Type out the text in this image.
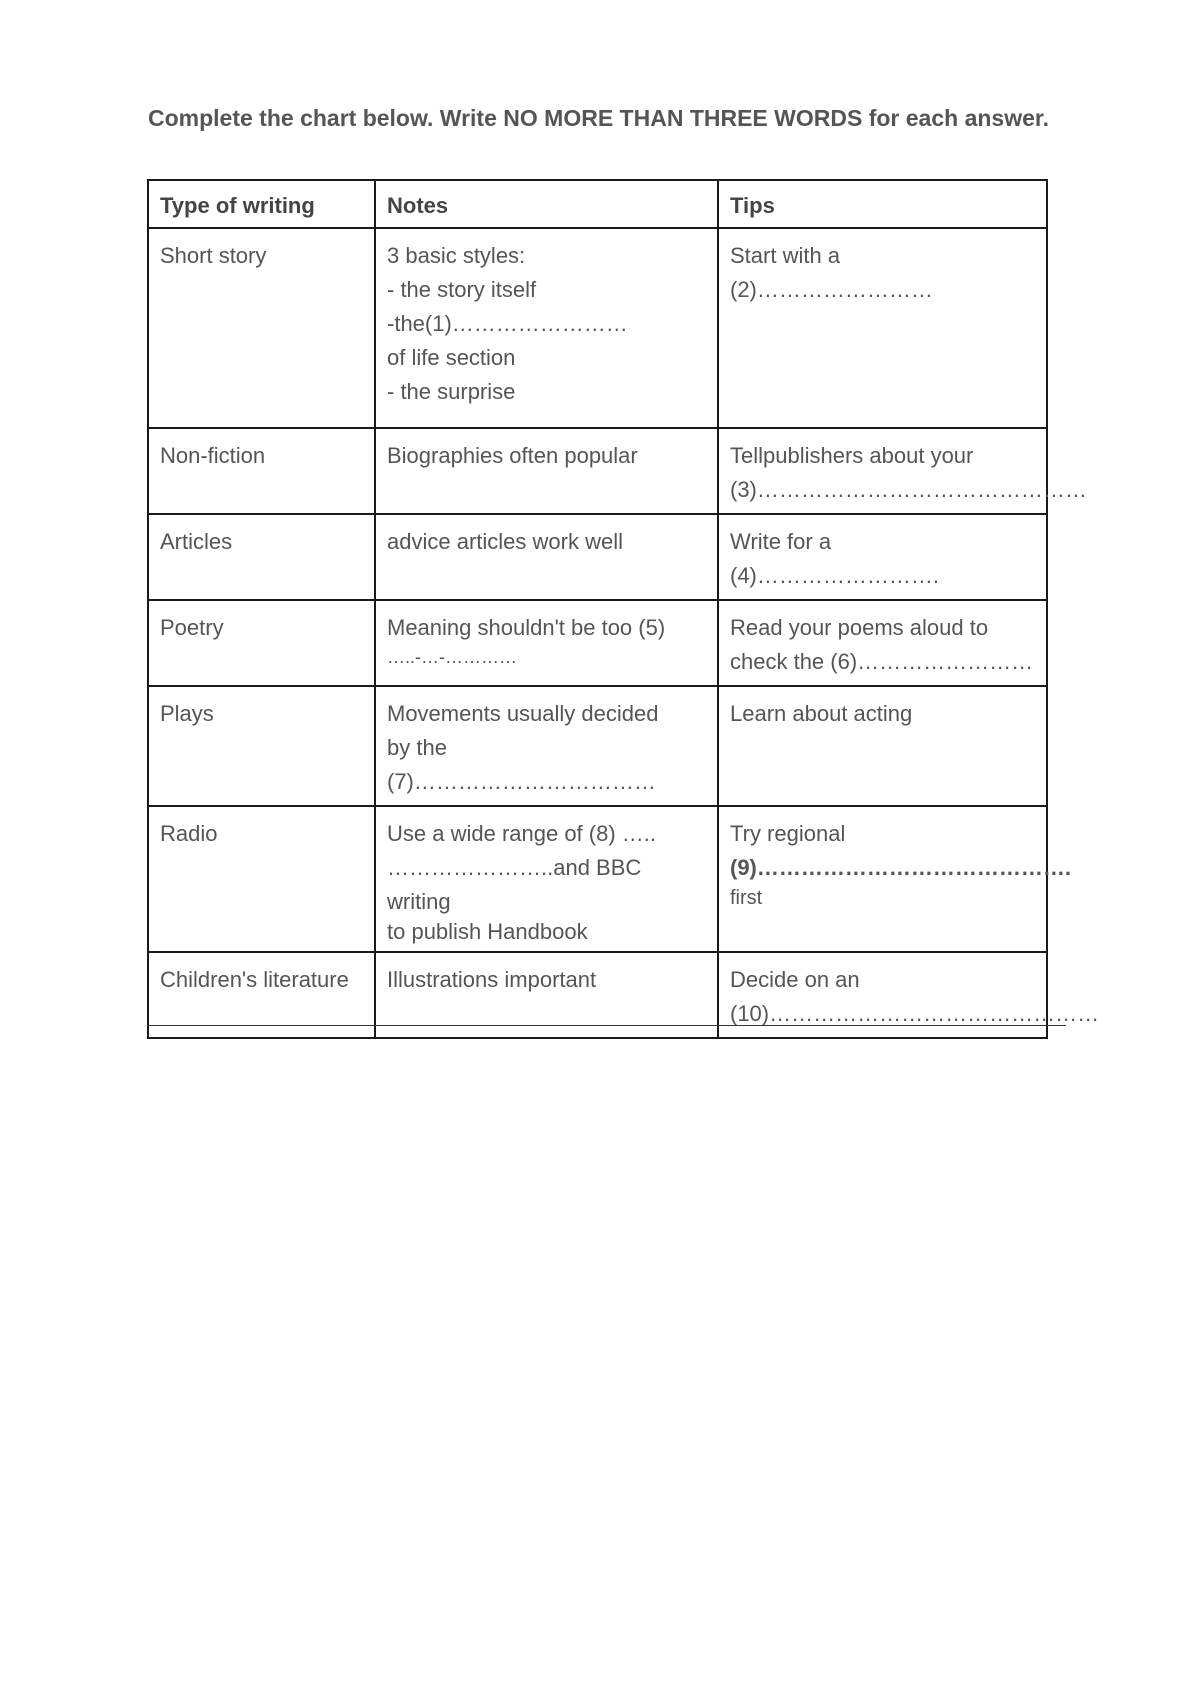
Complete the chart below. Write NO MORE THAN THREE WORDS for each answer.
Type of writing	Notes	Tips
Short story	3 basic styles:
- the story itself
-the(1)……………………
of life section
- the surprise	Start with a (2)……………………

Non-fiction	Biographies often popular	Tellpublishers about your
(3)………………………………………

Articles	advice articles work well	Write for a (4)…………………….

Poetry	Meaning shouldn't be too (5)
…..-…-…………	Read your poems aloud to
check the (6)……………………

Plays	Movements usually decided
by the (7)……………………………	Learn about acting

Radio	Use a wide range of (8) …..
…………………..and BBC writing
to publish Handbook	Try regional
(9)…………………………………….
first

Children's literature	Illustrations important	Decide on an
(10)………………………………………
